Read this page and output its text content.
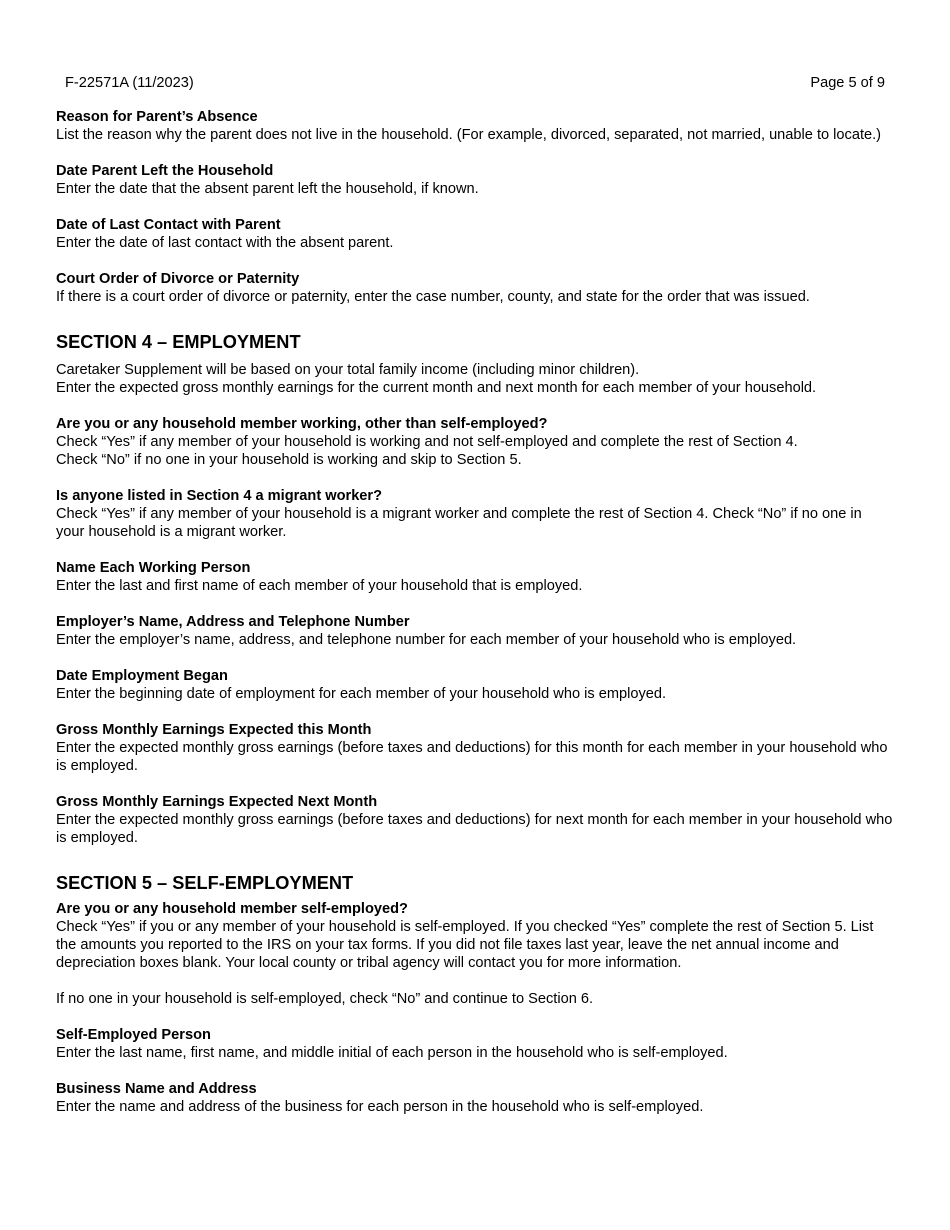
F-22571A (11/2023)	Page 5 of 9
Reason for Parent’s Absence

List the reason why the parent does not live in the household. (For example, divorced, separated, not married, unable to locate.)

Date Parent Left the Household

Enter the date that the absent parent left the household, if known.

Date of Last Contact with Parent

Enter the date of last contact with the absent parent.

Court Order of Divorce or Paternity

If there is a court order of divorce or paternity, enter the case number, county, and state for the order that was issued.

SECTION 4 – EMPLOYMENT
Caretaker Supplement will be based on your total family income (including minor children).
Enter the expected gross monthly earnings for the current month and next month for each member of your household.
Are you or any household member working, other than self-employed?

Check “Yes” if any member of your household is working and not self-employed and complete the rest of Section 4.

Check “No” if no one in your household is working and skip to Section 5.

Is anyone listed in Section 4 a migrant worker?

Check “Yes” if any member of your household is a migrant worker and complete the rest of Section 4. Check “No” if no one in your household is a migrant worker.

Name Each Working Person

Enter the last and first name of each member of your household that is employed.

Employer’s Name, Address and Telephone Number

Enter the employer’s name, address, and telephone number for each member of your household who is employed.

Date Employment Began

Enter the beginning date of employment for each member of your household who is employed.

Gross Monthly Earnings Expected this Month

Enter the expected monthly gross earnings (before taxes and deductions) for this month for each member in your household who is employed.

Gross Monthly Earnings Expected Next Month

Enter the expected monthly gross earnings (before taxes and deductions) for next month for each member in your household who is employed.

SECTION 5 – SELF-EMPLOYMENT
Are you or any household member self-employed?

Check “Yes” if you or any member of your household is self-employed. If you checked “Yes” complete the rest of Section 5. List the amounts you reported to the IRS on your tax forms. If you did not file taxes last year, leave the net annual income and depreciation boxes blank. Your local county or tribal agency will contact you for more information.

If no one in your household is self-employed, check “No” and continue to Section 6.
Self-Employed Person

Enter the last name, first name, and middle initial of each person in the household who is self-employed.

Business Name and Address

Enter the name and address of the business for each person in the household who is self-employed.
